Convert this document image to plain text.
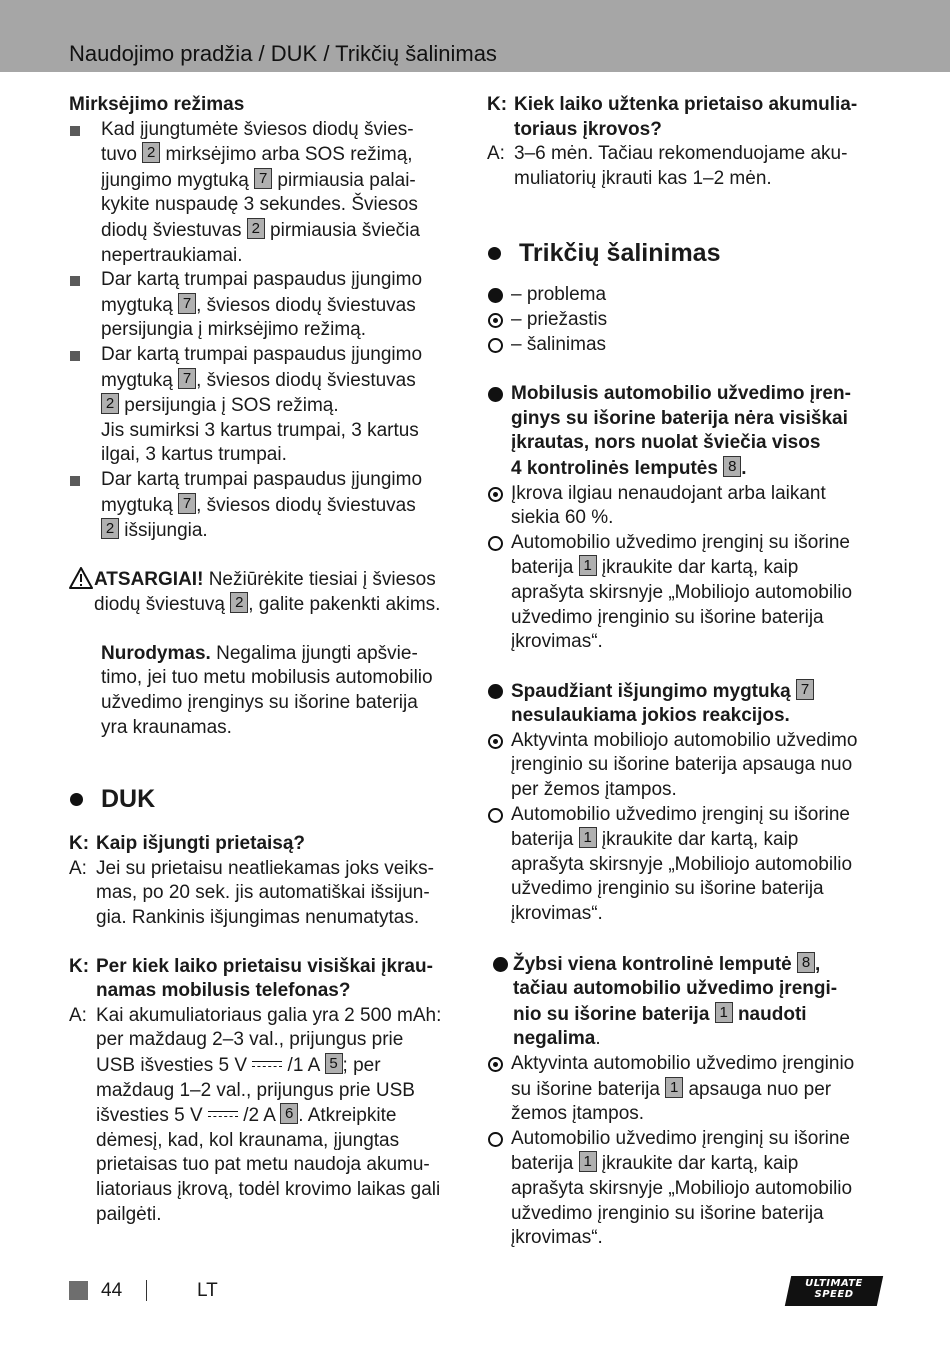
Naudojimo pradžia / DUK / Trikčių šalinimas
Mirksėjimo režimas
Kad įjungtumėte šviesos diodų švies-
tuvo 2 mirksėjimo arba SOS režimą,
įjungimo mygtuką 7 pirmiausia palai-
kykite nuspaudę 3 sekundes. Šviesos
diodų šviestuvas 2 pirmiausia šviečia
nepertraukiamai.
Dar kartą trumpai paspaudus įjungimo
mygtuką 7 , šviesos diodų šviestuvas
persijungia į mirksėjimo režimą.
Dar kartą trumpai paspaudus įjungimo
mygtuką 7 , šviesos diodų šviestuvas
2 persijungia į SOS režimą.
Jis sumirksi 3 kartus trumpai, 3 kartus
ilgai, 3 kartus trumpai.
Dar kartą trumpai paspaudus įjungimo
mygtuką 7 , šviesos diodų šviestuvas
2 išsijungia.
ATSARGIAI! Nežiūrėkite tiesiai į šviesos
diodų šviestuvą 2 , galite pakenkti akims.
Nurodymas. Negalima įjungti apšvie-
timo, jei tuo metu mobilusis automobilio
užvedimo įrenginys su išorine baterija
yra kraunamas.
DUK
K: Kaip išjungti prietaisą?
A: Jei su prietaisu neatliekamas joks veiks-
mas, po 20 sek. jis automatiškai išsijun-
gia. Rankinis išjungimas nenumatytas.
K: Per kiek laiko prietaisu visiškai įkrau-
namas mobilusis telefonas?
A: Kai akumuliatoriaus galia yra 2 500 mAh:
per maždaug 2–3 val., prijungus prie
USB išvesties 5 V  /1 A 5 ; per
maždaug 1–2 val., prijungus prie USB
išvesties 5 V  /2 A 6 . Atkreipkite
dėmesį, kad, kol kraunama, įjungtas
prietaisas tuo pat metu naudoja akumu-
liatoriaus įkrovą, todėl krovimo laikas gali
pailgėti.
K: Kiek laiko užtenka prietaiso akumulia-
toriaus įkrovos?
A: 3–6 mėn. Tačiau rekomenduojame aku-
muliatorių įkrauti kas 1–2 mėn.
Trikčių šalinimas
– problema
– priežastis
– šalinimas
Mobilusis automobilio užvedimo įren-
ginys su išorine baterija nėra visiškai
įkrautas, nors nuolat šviečia visos
4 kontrolinės lemputės 8 .
Įkrova ilgiau nenaudojant arba laikant
siekia 60 %.
Automobilio užvedimo įrenginį su išorine
baterija 1 įkraukite dar kartą, kaip
aprašyta skirsnyje „Mobiliojo automobilio
užvedimo įrenginio su išorine baterija
įkrovimas“.
Spaudžiant išjungimo mygtuką 7
nesulaukiama jokios reakcijos.
Aktyvinta mobiliojo automobilio užvedimo
įrenginio su išorine baterija apsauga nuo
per žemos įtampos.
Automobilio užvedimo įrenginį su išorine
baterija 1 įkraukite dar kartą, kaip
aprašyta skirsnyje „Mobiliojo automobilio
užvedimo įrenginio su išorine baterija
įkrovimas“.
Žybsi viena kontrolinė lemputė 8 ,
tačiau automobilio užvedimo įrengi-
nio su išorine baterija 1 naudoti
negalima.
Aktyvinta automobilio užvedimo įrenginio
su išorine baterija 1 apsauga nuo per
žemos įtampos.
Automobilio užvedimo įrenginį su išorine
baterija 1 įkraukite dar kartą, kaip
aprašyta skirsnyje „Mobiliojo automobilio
užvedimo įrenginio su išorine baterija
įkrovimas“.
44	LT	ULTIMATE
SPEED
